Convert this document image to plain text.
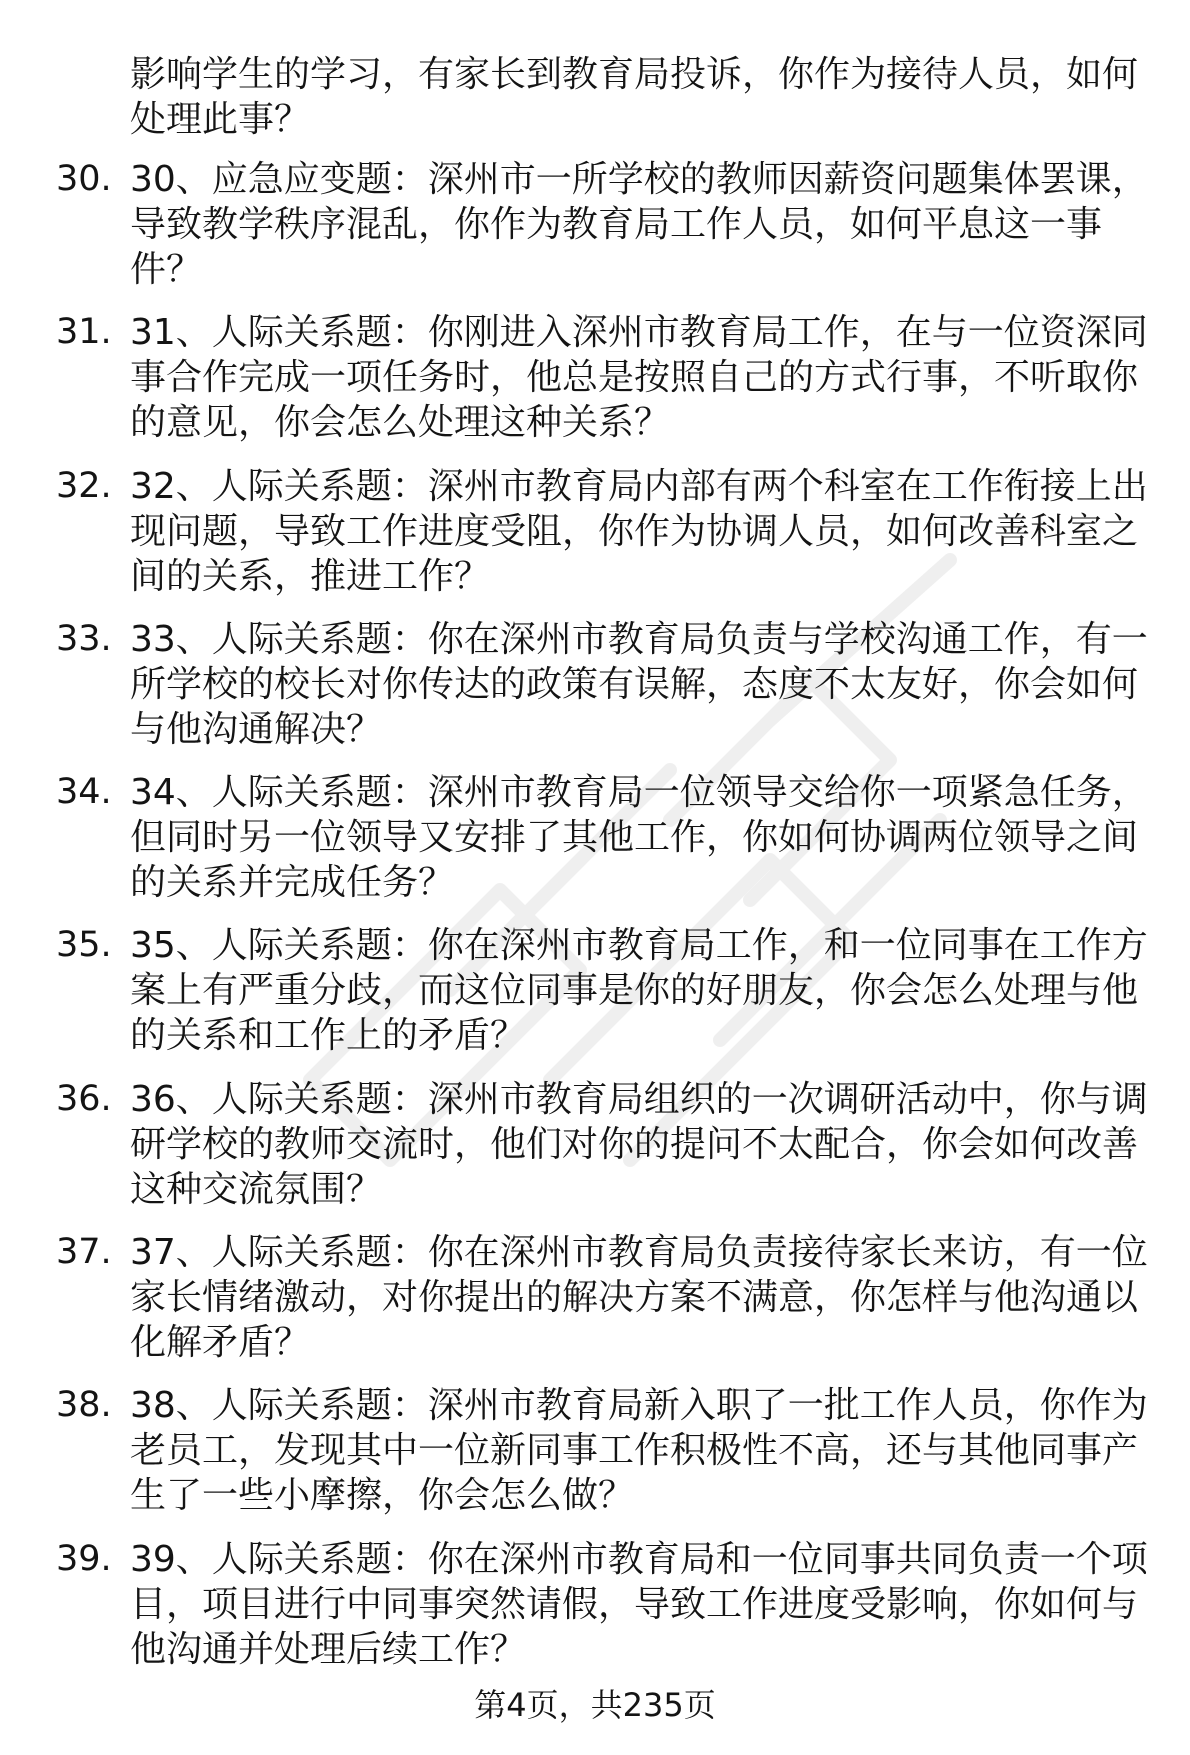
影响学生的学习，有家长到教育局投诉，你作为接待人员，如何处理此事？
30. 30、应急应变题：深州市一所学校的教师因薪资问题集体罢课，导致教学秩序混乱，你作为教育局工作人员，如何平息这一事件？
31. 31、人际关系题：你刚进入深州市教育局工作，在与一位资深同事合作完成一项任务时，他总是按照自己的方式行事，不听取你的意见，你会怎么处理这种关系？
32. 32、人际关系题：深州市教育局内部有两个科室在工作衔接上出现问题，导致工作进度受阻，你作为协调人员，如何改善科室之间的关系，推进工作？
33. 33、人际关系题：你在深州市教育局负责与学校沟通工作，有一所学校的校长对你传达的政策有误解，态度不太友好，你会如何与他沟通解决？
34. 34、人际关系题：深州市教育局一位领导交给你一项紧急任务，但同时另一位领导又安排了其他工作，你如何协调两位领导之间的关系并完成任务？
35. 35、人际关系题：你在深州市教育局工作，和一位同事在工作方案上有严重分歧，而这位同事是你的好朋友，你会怎么处理与他的关系和工作上的矛盾？
36. 36、人际关系题：深州市教育局组织的一次调研活动中，你与调研学校的教师交流时，他们对你的提问不太配合，你会如何改善这种交流氛围？
37. 37、人际关系题：你在深州市教育局负责接待家长来访，有一位家长情绪激动，对你提出的解决方案不满意，你怎样与他沟通以化解矛盾？
38. 38、人际关系题：深州市教育局新入职了一批工作人员，你作为老员工，发现其中一位新同事工作积极性不高，还与其他同事产生了一些小摩擦，你会怎么做？
39. 39、人际关系题：你在深州市教育局和一位同事共同负责一个项目，项目进行中同事突然请假，导致工作进度受影响，你如何与他沟通并处理后续工作？
第4页，共235页
